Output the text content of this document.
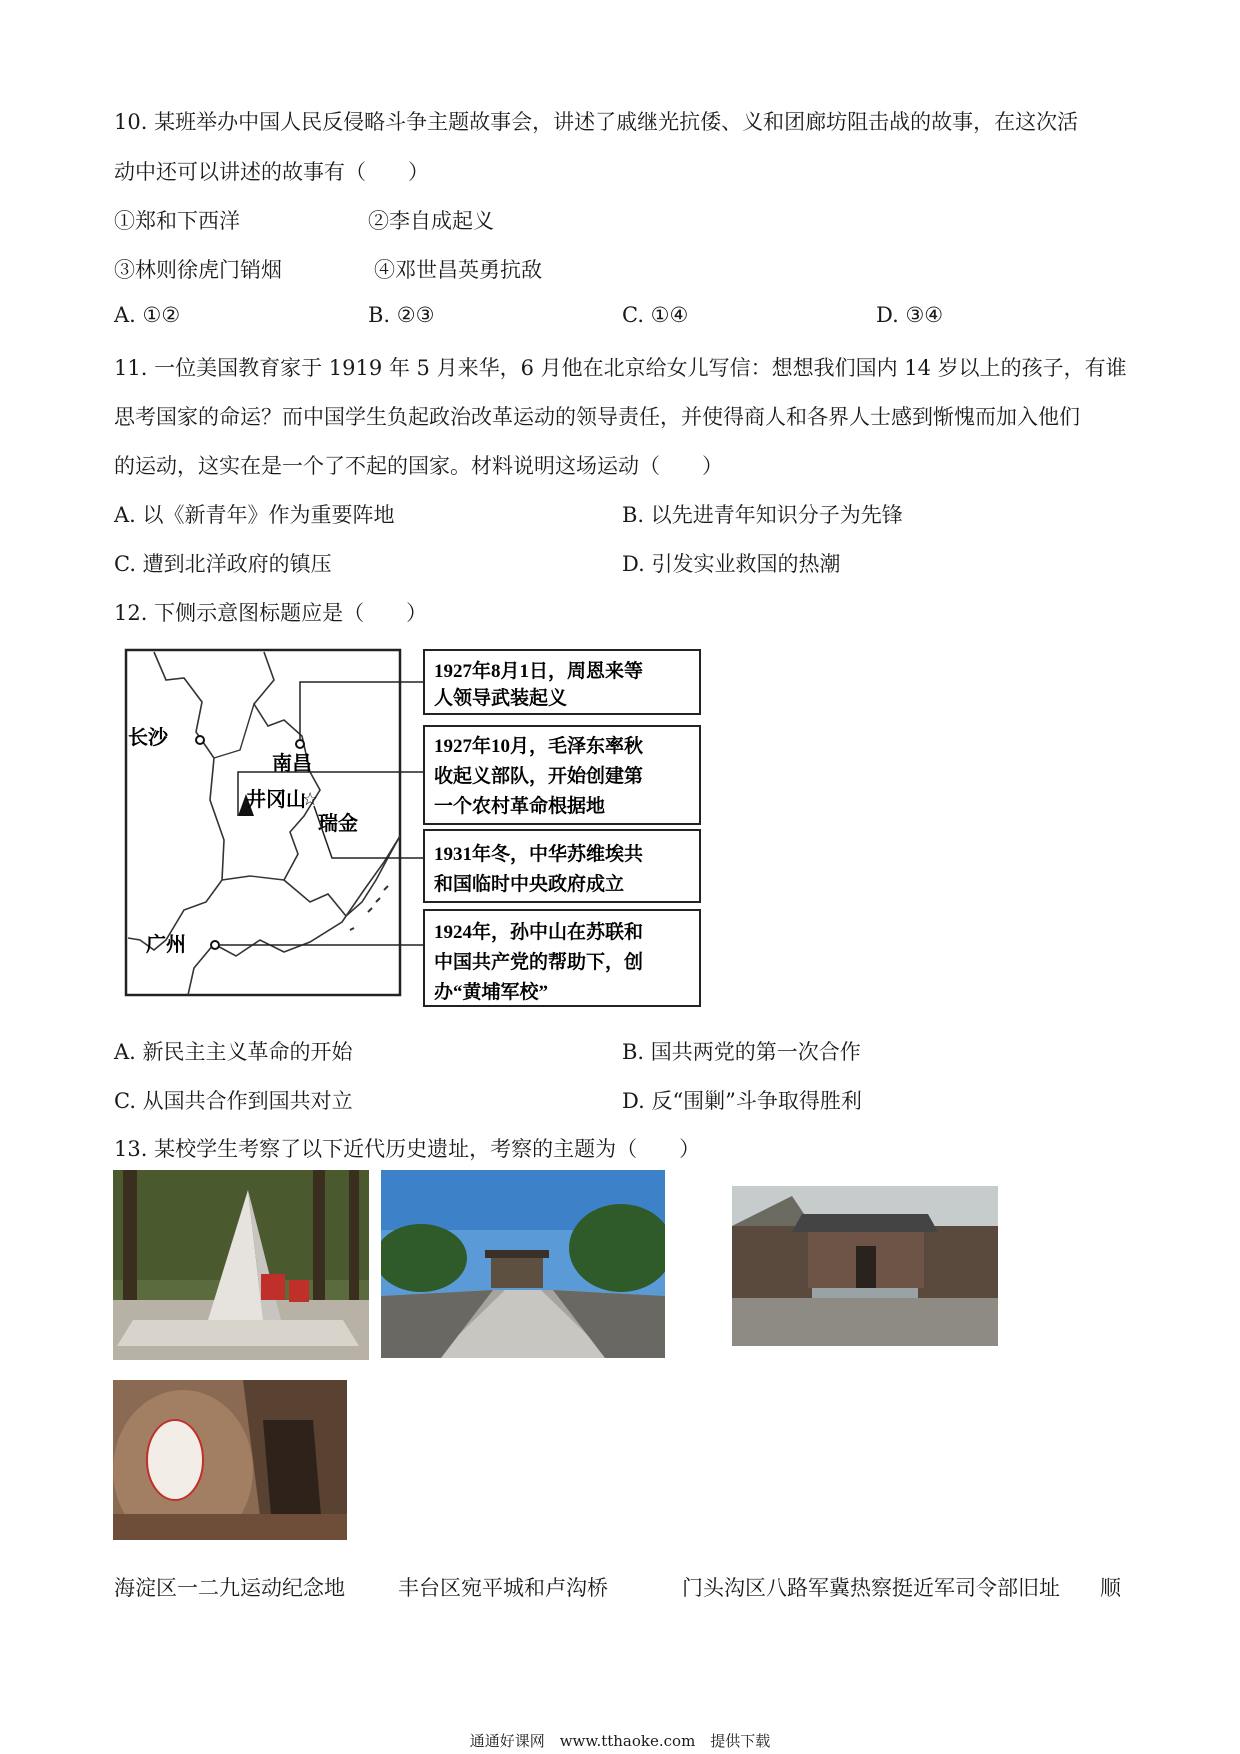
10. 某班举办中国人民反侵略斗争主题故事会，讲述了戚继光抗倭、义和团廊坊阻击战的故事，在这次活
动中还可以讲述的故事有（　　）
①郑和下西洋	②李自成起义
③林则徐虎门销烟	④邓世昌英勇抗敌
A. ①②	B. ②③	C. ①④	D. ③④
11. 一位美国教育家于 1919 年 5 月来华，6 月他在北京给女儿写信：想想我们国内 14 岁以上的孩子，有谁
思考国家的命运？而中国学生负起政治改革运动的领导责任，并使得商人和各界人士感到惭愧而加入他们
的运动，这实在是一个了不起的国家。材料说明这场运动（　　）
A. 以《新青年》作为重要阵地	B. 以先进青年知识分子为先锋
C. 遭到北洋政府的镇压	D. 引发实业救国的热潮
12. 下侧示意图标题应是（　　）
☆
长沙
南昌
井冈山
瑞金
广州
1927年8月1日，周恩来等
人领导武装起义
1927年10月，毛泽东率秋
收起义部队，开始创建第
一个农村革命根据地
1931年冬，中华苏维埃共
和国临时中央政府成立
1924年，孙中山在苏联和
中国共产党的帮助下，创
办“黄埔军校”
A. 新民主主义革命的开始	B. 国共两党的第一次合作
C. 从国共合作到国共对立	D. 反“围剿”斗争取得胜利
13. 某校学生考察了以下近代历史遗址，考察的主题为（　　）
海淀区一二九运动纪念地	丰台区宛平城和卢沟桥	门头沟区八路军冀热察挺近军司令部旧址 顺
通通好课网　www.tthaoke.com　提供下载
